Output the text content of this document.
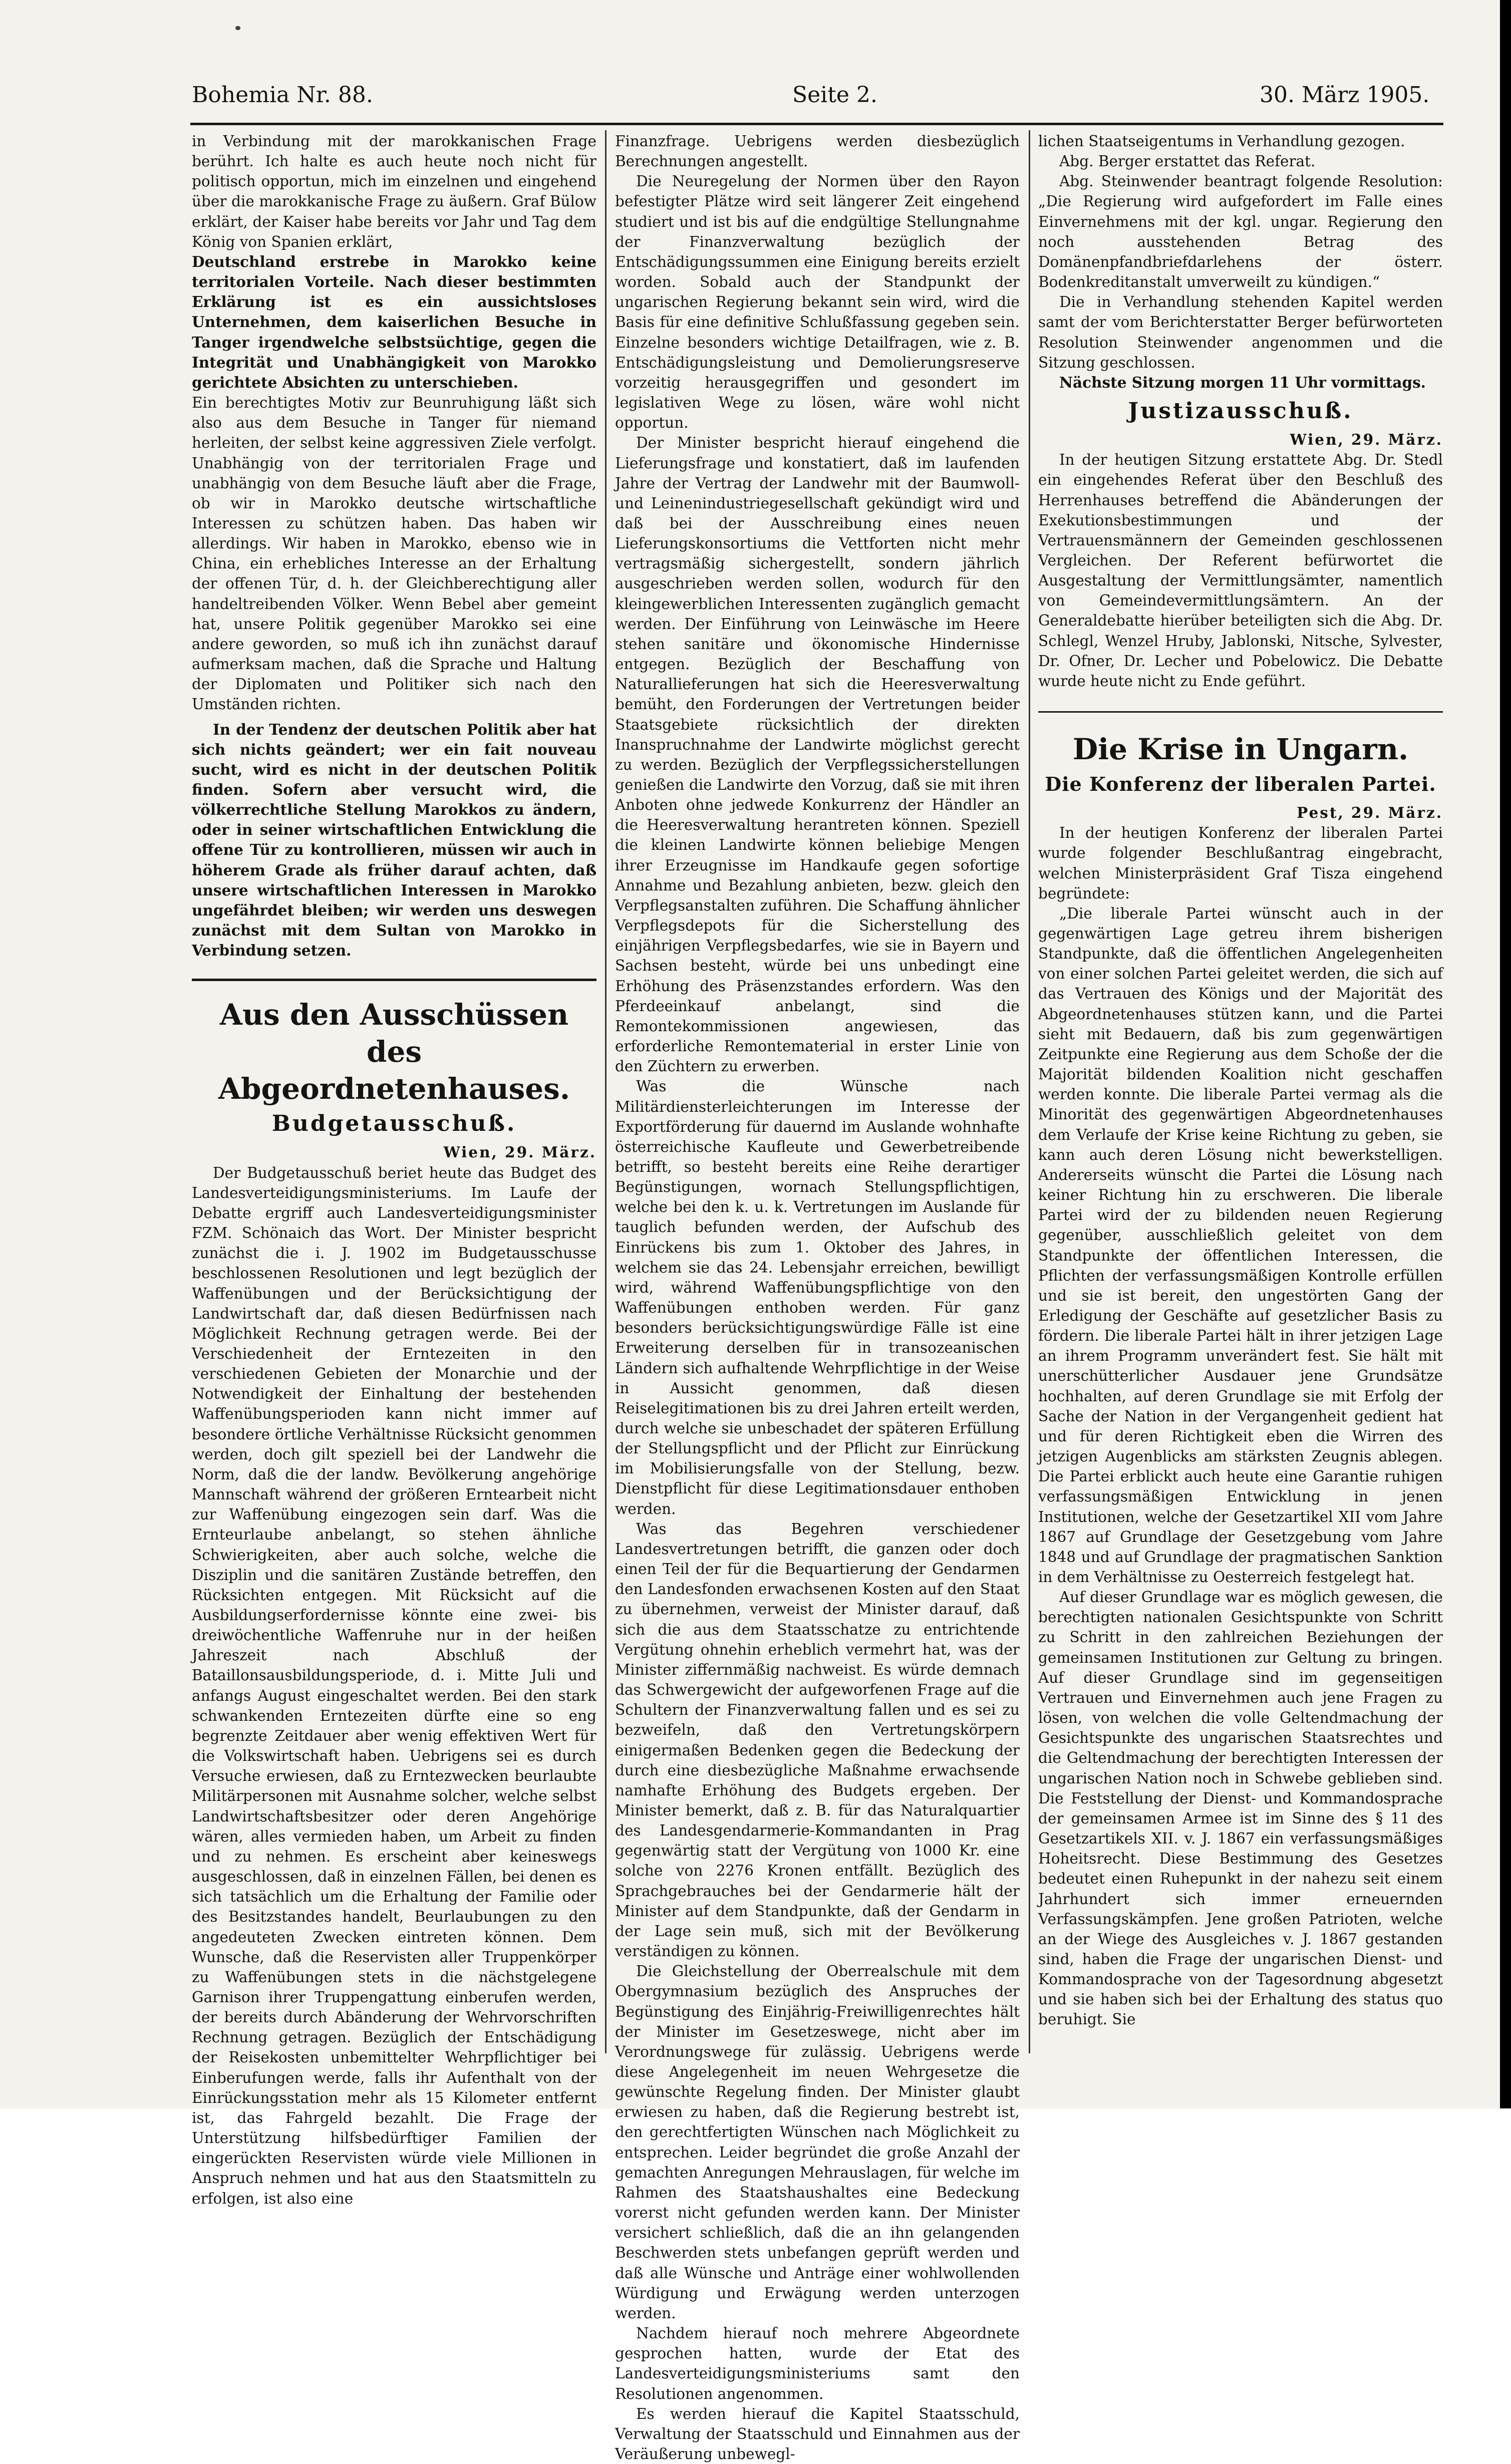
Bohemia Nr. 88.	Seite 2.	30. März 1905.

in Verbindung mit der marokkanischen Frage berührt. Ich halte es auch heute noch nicht für politisch opportun, mich im einzelnen und eingehend über die marokkanische Frage zu äußern. Graf Bülow erklärt, der Kaiser habe bereits vor Jahr und Tag dem König von Spanien erklärt,

Deutschland erstrebe in Marokko keine territorialen Vorteile. Nach dieser bestimmten Erklärung ist es ein aussichtsloses Unternehmen, dem kaiserlichen Besuche in Tanger irgendwelche selbstsüchtige, gegen die Integrität und Unabhängigkeit von Marokko gerichtete Absichten zu unterschieben.

Ein berechtigtes Motiv zur Beunruhigung läßt sich also aus dem Besuche in Tanger für niemand herleiten, der selbst keine aggressiven Ziele verfolgt. Unabhängig von der territorialen Frage und unabhängig von dem Besuche läuft aber die Frage, ob wir in Marokko deutsche wirtschaftliche Interessen zu schützen haben. Das haben wir allerdings. Wir haben in Marokko, ebenso wie in China, ein erhebliches Interesse an der Erhaltung der offenen Tür, d. h. der Gleichberechtigung aller handeltreibenden Völker. Wenn Bebel aber gemeint hat, unsere Politik gegenüber Marokko sei eine andere geworden, so muß ich ihn zunächst darauf aufmerksam machen, daß die Sprache und Haltung der Diplomaten und Politiker sich nach den Umständen richten.

In der Tendenz der deutschen Politik aber hat sich nichts geändert; wer ein fait nouveau sucht, wird es nicht in der deutschen Politik finden. Sofern aber versucht wird, die völkerrechtliche Stellung Marokkos zu ändern, oder in seiner wirtschaftlichen Entwicklung die offene Tür zu kontrollieren, müssen wir auch in höherem Grade als früher darauf achten, daß unsere wirtschaftlichen Interessen in Marokko ungefährdet bleiben; wir werden uns deswegen zunächst mit dem Sultan von Marokko in Verbindung setzen.

Aus den Ausschüssen des Abgeordnetenhauses.
Budgetausschuß.
Wien, 29. März.

Der Budgetausschuß beriet heute das Budget des Landesverteidigungsministeriums. Im Laufe der Debatte ergriff auch Landesverteidigungsminister FZM. Schönaich das Wort. Der Minister bespricht zunächst die i. J. 1902 im Budgetausschusse beschlossenen Resolutionen und legt bezüglich der Waffenübungen und der Berücksichtigung der Landwirtschaft dar, daß diesen Bedürfnissen nach Möglichkeit Rechnung getragen werde. Bei der Verschiedenheit der Erntezeiten in den verschiedenen Gebieten der Monarchie und der Notwendigkeit der Einhaltung der bestehenden Waffenübungsperioden kann nicht immer auf besondere örtliche Verhältnisse Rücksicht genommen werden, doch gilt speziell bei der Landwehr die Norm, daß die der landw. Bevölkerung angehörige Mannschaft während der größeren Erntearbeit nicht zur Waffenübung eingezogen sein darf. Was die Ernteurlaube anbelangt, so stehen ähnliche Schwierigkeiten, aber auch solche, welche die Disziplin und die sanitären Zustände betreffen, den Rücksichten entgegen. Mit Rücksicht auf die Ausbildungserfordernisse könnte eine zwei- bis dreiwöchentliche Waffenruhe nur in der heißen Jahreszeit nach Abschluß der Bataillonsausbildungsperiode, d. i. Mitte Juli und anfangs August eingeschaltet werden. Bei den stark schwankenden Erntezeiten dürfte eine so eng begrenzte Zeitdauer aber wenig effektiven Wert für die Volkswirtschaft haben. Uebrigens sei es durch Versuche erwiesen, daß zu Erntezwecken beurlaubte Militärpersonen mit Ausnahme solcher, welche selbst Landwirtschaftsbesitzer oder deren Angehörige wären, alles vermieden haben, um Arbeit zu finden und zu nehmen. Es erscheint aber keineswegs ausgeschlossen, daß in einzelnen Fällen, bei denen es sich tatsächlich um die Erhaltung der Familie oder des Besitzstandes handelt, Beurlaubungen zu den angedeuteten Zwecken eintreten können. Dem Wunsche, daß die Reservisten aller Truppenkörper zu Waffenübungen stets in die nächstgelegene Garnison ihrer Truppengattung einberufen werden, der bereits durch Abänderung der Wehrvorschriften Rechnung getragen. Bezüglich der Entschädigung der Reisekosten unbemittelter Wehrpflichtiger bei Einberufungen werde, falls ihr Aufenthalt von der Einrückungsstation mehr als 15 Kilometer entfernt ist, das Fahrgeld bezahlt. Die Frage der Unterstützung hilfsbedürftiger Familien der eingerückten Reservisten würde viele Millionen in Anspruch nehmen und hat aus den Staatsmitteln zu erfolgen, ist also eine

Finanzfrage. Uebrigens werden diesbezüglich Berechnungen angestellt.

Die Neuregelung der Normen über den Rayon befestigter Plätze wird seit längerer Zeit eingehend studiert und ist bis auf die endgültige Stellungnahme der Finanzverwaltung bezüglich der Entschädigungssummen eine Einigung bereits erzielt worden. Sobald auch der Standpunkt der ungarischen Regierung bekannt sein wird, wird die Basis für eine definitive Schlußfassung gegeben sein. Einzelne besonders wichtige Detailfragen, wie z. B. Entschädigungsleistung und Demolierungsreserve vorzeitig herausgegriffen und gesondert im legislativen Wege zu lösen, wäre wohl nicht opportun.

Der Minister bespricht hierauf eingehend die Lieferungsfrage und konstatiert, daß im laufenden Jahre der Vertrag der Landwehr mit der Baumwoll- und Leinenindustriegesellschaft gekündigt wird und daß bei der Ausschreibung eines neuen Lieferungskonsortiums die Vettforten nicht mehr vertragsmäßig sichergestellt, sondern jährlich ausgeschrieben werden sollen, wodurch für den kleingewerblichen Interessenten zugänglich gemacht werden. Der Einführung von Leinwäsche im Heere stehen sanitäre und ökonomische Hindernisse entgegen. Bezüglich der Beschaffung von Naturallieferungen hat sich die Heeresverwaltung bemüht, den Forderungen der Vertretungen beider Staatsgebiete rücksichtlich der direkten Inanspruchnahme der Landwirte möglichst gerecht zu werden. Bezüglich der Verpflegssicherstellungen genießen die Landwirte den Vorzug, daß sie mit ihren Anboten ohne jedwede Konkurrenz der Händler an die Heeresverwaltung herantreten können. Speziell die kleinen Landwirte können beliebige Mengen ihrer Erzeugnisse im Handkaufe gegen sofortige Annahme und Bezahlung anbieten, bezw. gleich den Verpflegsanstalten zuführen. Die Schaffung ähnlicher Verpflegsdepots für die Sicherstellung des einjährigen Verpflegsbedarfes, wie sie in Bayern und Sachsen besteht, würde bei uns unbedingt eine Erhöhung des Präsenzstandes erfordern. Was den Pferdeeinkauf anbelangt, sind die Remontekommissionen angewiesen, das erforderliche Remontematerial in erster Linie von den Züchtern zu erwerben.

Was die Wünsche nach Militärdiensterleichterungen im Interesse der Exportförderung für dauernd im Auslande wohnhafte österreichische Kaufleute und Gewerbetreibende betrifft, so besteht bereits eine Reihe derartiger Begünstigungen, wornach Stellungspflichtigen, welche bei den k. u. k. Vertretungen im Auslande für tauglich befunden werden, der Aufschub des Einrückens bis zum 1. Oktober des Jahres, in welchem sie das 24. Lebensjahr erreichen, bewilligt wird, während Waffenübungspflichtige von den Waffenübungen enthoben werden. Für ganz besonders berücksichtigungswürdige Fälle ist eine Erweiterung derselben für in transozeanischen Ländern sich aufhaltende Wehrpflichtige in der Weise in Aussicht genommen, daß diesen Reiselegitimationen bis zu drei Jahren erteilt werden, durch welche sie unbeschadet der späteren Erfüllung der Stellungspflicht und der Pflicht zur Einrückung im Mobilisierungsfalle von der Stellung, bezw. Dienstpflicht für diese Legitimationsdauer enthoben werden.

Was das Begehren verschiedener Landesvertretungen betrifft, die ganzen oder doch einen Teil der für die Bequartierung der Gendarmen den Landesfonden erwachsenen Kosten auf den Staat zu übernehmen, verweist der Minister darauf, daß sich die aus dem Staatsschatze zu entrichtende Vergütung ohnehin erheblich vermehrt hat, was der Minister ziffernmäßig nachweist. Es würde demnach das Schwergewicht der aufgeworfenen Frage auf die Schultern der Finanzverwaltung fallen und es sei zu bezweifeln, daß den Vertretungskörpern einigermaßen Bedenken gegen die Bedeckung der durch eine diesbezügliche Maßnahme erwachsende namhafte Erhöhung des Budgets ergeben. Der Minister bemerkt, daß z. B. für das Naturalquartier des Landesgendarmerie-Kommandanten in Prag gegenwärtig statt der Vergütung von 1000 Kr. eine solche von 2276 Kronen entfällt. Bezüglich des Sprachgebrauches bei der Gendarmerie hält der Minister auf dem Standpunkte, daß der Gendarm in der Lage sein muß, sich mit der Bevölkerung verständigen zu können.

Die Gleichstellung der Oberrealschule mit dem Obergymnasium bezüglich des Anspruches der Begünstigung des Einjährig-Freiwilligenrechtes hält der Minister im Gesetzeswege, nicht aber im Verordnungswege für zulässig. Uebrigens werde diese Angelegenheit im neuen Wehrgesetze die gewünschte Regelung finden. Der Minister glaubt erwiesen zu haben, daß die Regierung bestrebt ist, den gerechtfertigten Wünschen nach Möglichkeit zu entsprechen. Leider begründet die große Anzahl der gemachten Anregungen Mehrauslagen, für welche im Rahmen des Staatshaushaltes eine Bedeckung vorerst nicht gefunden werden kann. Der Minister versichert schließlich, daß die an ihn gelangenden Beschwerden stets unbefangen geprüft werden und daß alle Wünsche und Anträge einer wohlwollenden Würdigung und Erwägung werden unterzogen werden.

Nachdem hierauf noch mehrere Abgeordnete gesprochen hatten, wurde der Etat des Landesverteidigungsministeriums samt den Resolutionen angenommen.

Es werden hierauf die Kapitel Staatsschuld, Verwaltung der Staatsschuld und Einnahmen aus der Veräußerung unbewegl-

lichen Staatseigentums in Verhandlung gezogen.

Abg. Berger erstattet das Referat.

Abg. Steinwender beantragt folgende Resolution: „Die Regierung wird aufgefordert im Falle eines Einvernehmens mit der kgl. ungar. Regierung den noch ausstehenden Betrag des Domänenpfandbriefdarlehens der österr. Bodenkreditanstalt umverweilt zu kündigen.“

Die in Verhandlung stehenden Kapitel werden samt der vom Berichterstatter Berger befürworteten Resolution Steinwender angenommen und die Sitzung geschlossen.

Nächste Sitzung morgen 11 Uhr vormittags.

Justizausschuß.
Wien, 29. März.

In der heutigen Sitzung erstattete Abg. Dr. Stedl ein eingehendes Referat über den Beschluß des Herrenhauses betreffend die Abänderungen der Exekutionsbestimmungen und der Vertrauensmännern der Gemeinden geschlossenen Vergleichen. Der Referent befürwortet die Ausgestaltung der Vermittlungsämter, namentlich von Gemeindevermittlungsämtern. An der Generaldebatte hierüber beteiligten sich die Abg. Dr. Schlegl, Wenzel Hruby, Jablonski, Nitsche, Sylvester, Dr. Ofner, Dr. Lecher und Pobelowicz. Die Debatte wurde heute nicht zu Ende geführt.

Die Krise in Ungarn.
Die Konferenz der liberalen Partei.
Pest, 29. März.

In der heutigen Konferenz der liberalen Partei wurde folgender Beschlußantrag eingebracht, welchen Ministerpräsident Graf Tisza eingehend begründete:

„Die liberale Partei wünscht auch in der gegenwärtigen Lage getreu ihrem bisherigen Standpunkte, daß die öffentlichen Angelegenheiten von einer solchen Partei geleitet werden, die sich auf das Vertrauen des Königs und der Majorität des Abgeordnetenhauses stützen kann, und die Partei sieht mit Bedauern, daß bis zum gegenwärtigen Zeitpunkte eine Regierung aus dem Schoße der die Majorität bildenden Koalition nicht geschaffen werden konnte. Die liberale Partei vermag als die Minorität des gegenwärtigen Abgeordnetenhauses dem Verlaufe der Krise keine Richtung zu geben, sie kann auch deren Lösung nicht bewerkstelligen. Andererseits wünscht die Partei die Lösung nach keiner Richtung hin zu erschweren. Die liberale Partei wird der zu bildenden neuen Regierung gegenüber, ausschließlich geleitet von dem Standpunkte der öffentlichen Interessen, die Pflichten der verfassungsmäßigen Kontrolle erfüllen und sie ist bereit, den ungestörten Gang der Erledigung der Geschäfte auf gesetzlicher Basis zu fördern. Die liberale Partei hält in ihrer jetzigen Lage an ihrem Programm unverändert fest. Sie hält mit unerschütterlicher Ausdauer jene Grundsätze hochhalten, auf deren Grundlage sie mit Erfolg der Sache der Nation in der Vergangenheit gedient hat und für deren Richtigkeit eben die Wirren des jetzigen Augenblicks am stärksten Zeugnis ablegen. Die Partei erblickt auch heute eine Garantie ruhigen verfassungsmäßigen Entwicklung in jenen Institutionen, welche der Gesetzartikel XII vom Jahre 1867 auf Grundlage der Gesetzgebung vom Jahre 1848 und auf Grundlage der pragmatischen Sanktion in dem Verhältnisse zu Oesterreich festgelegt hat.

Auf dieser Grundlage war es möglich gewesen, die berechtigten nationalen Gesichtspunkte von Schritt zu Schritt in den zahlreichen Beziehungen der gemeinsamen Institutionen zur Geltung zu bringen. Auf dieser Grundlage sind im gegenseitigen Vertrauen und Einvernehmen auch jene Fragen zu lösen, von welchen die volle Geltendmachung der Gesichtspunkte des ungarischen Staatsrechtes und die Geltendmachung der berechtigten Interessen der ungarischen Nation noch in Schwebe geblieben sind. Die Feststellung der Dienst- und Kommandosprache der gemeinsamen Armee ist im Sinne des § 11 des Gesetzartikels XII. v. J. 1867 ein verfassungsmäßiges Hoheitsrecht. Diese Bestimmung des Gesetzes bedeutet einen Ruhepunkt in der nahezu seit einem Jahrhundert sich immer erneuernden Verfassungskämpfen. Jene großen Patrioten, welche an der Wiege des Ausgleiches v. J. 1867 gestanden sind, haben die Frage der ungarischen Dienst- und Kommandosprache von der Tagesordnung abgesetzt und sie haben sich bei der Erhaltung des status quo beruhigt. Sie
